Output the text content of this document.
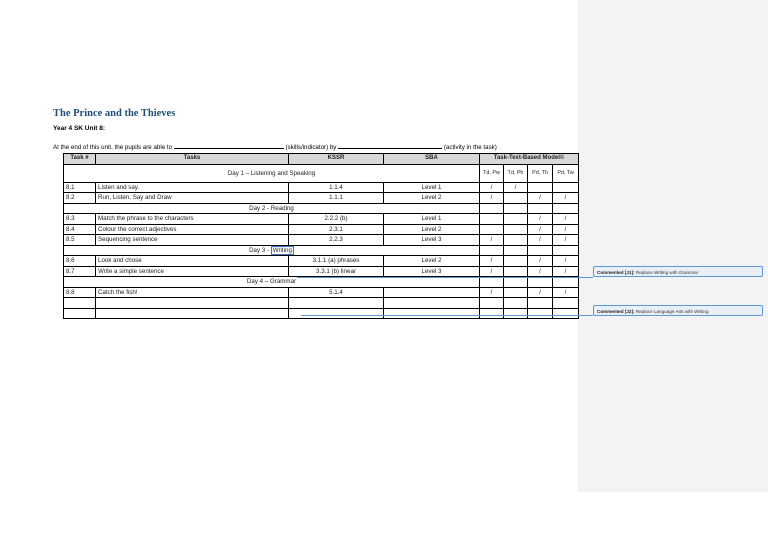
The Prince and the Thieves
Year 4 SK Unit 8:
At the end of this unit, the pupils are able to	(skills/indicator) by	(activity in the task)
Task #	Tasks	KSSR	SBA	Task-Text-Based Model©			
Day 1 – Listening and Speaking				Td, Pw	Td, Ph	Pd, Th	Pd, Tw
8.1	Listen and say.	1.1.4	Level 1	/	/		
8.2	Run, Listen, Say and Draw	1.1.1	Level 2	/		/	/
Day 2 - Reading							
8.3	Match the phrase to the characters	2.2.2 (b)	Level 1			/	/
8.4	Colour the correct adjectives	2.3.1	Level 2			/	/
8.5	Sequencing sentence	2.2.3	Level 3	/		/	/
Day 3 - Writing							
8.6	Look and chose	3.1.1 (a) phrases	Level 2	/		/	/
8.7	Write a simple sentence	3.3.1 (b) linear	Level 3	/		/	/
Day 4 – Grammar							
8.8	Catch the fish!	5.1.4		/		/	/

Commented [J1]: Replace Writing with Grammar
Commented [J2]: Replace Language Arts with Writing
